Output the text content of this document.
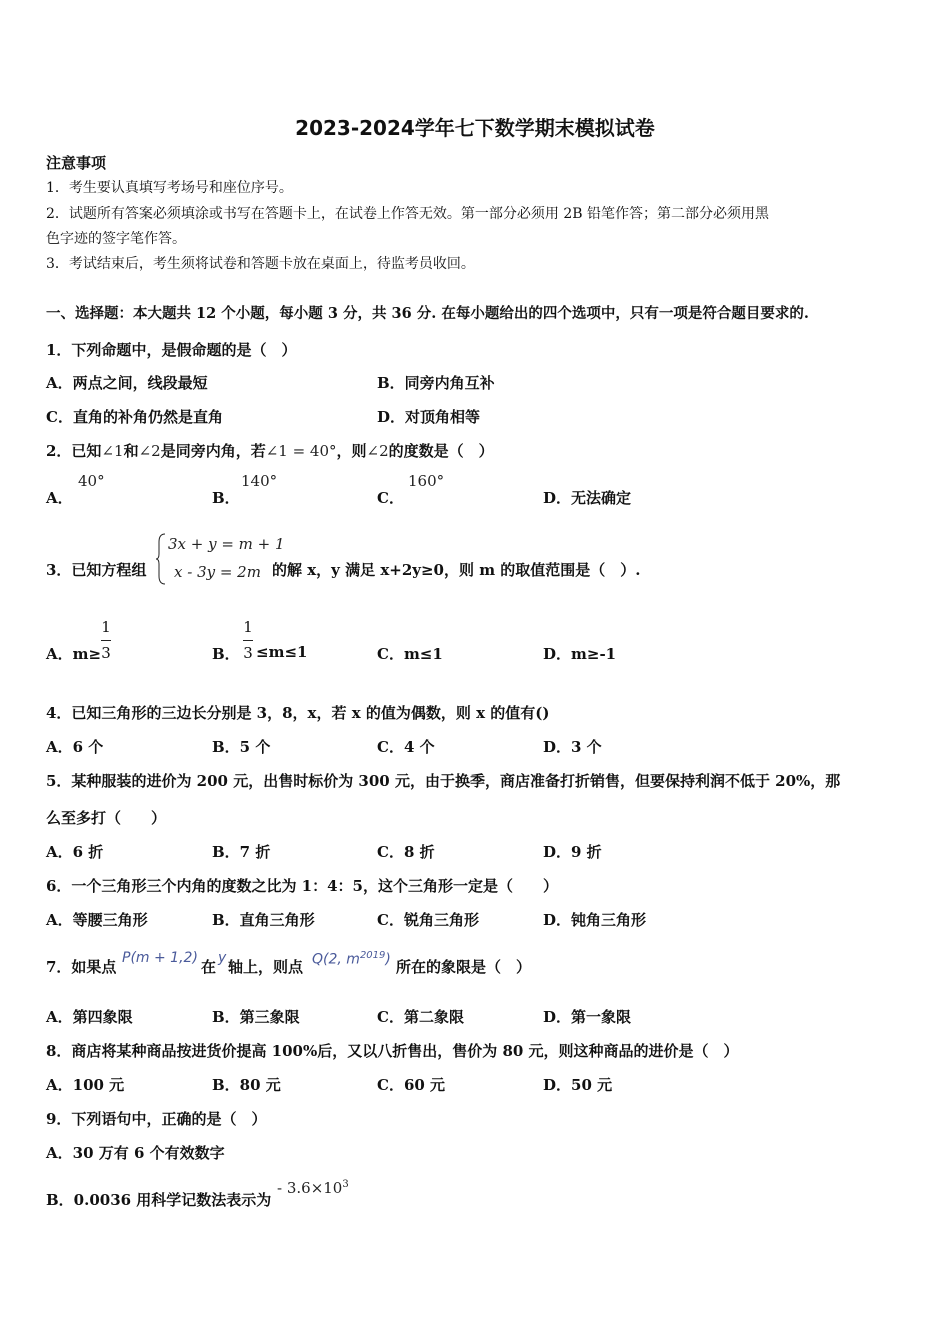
2023-2024学年七下数学期末模拟试卷
注意事项
1．考生要认真填写考场号和座位序号。
2．试题所有答案必须填涂或书写在答题卡上，在试卷上作答无效。第一部分必须用 2B 铅笔作答；第二部分必须用黑
色字迹的签字笔作答。
3．考试结束后，考生须将试卷和答题卡放在桌面上，待监考员收回。
一、选择题：本大题共 12 个小题，每小题 3 分，共 36 分. 在每小题给出的四个选项中，只有一项是符合题目要求的.
1．下列命题中，是假命题的是（　）
A．两点之间，线段最短	B．同旁内角互补
C．直角的补角仍然是直角	D．对顶角相等
2．已知∠1和∠2是同旁内角，若∠1 = 40°，则∠2的度数是（　）
A．
40°
B．
140°
C．
160°
D．无法确定
3．已知方程组
3x + y = m + 1
x - 3y = 2m 的解 x，y 满足 x+2y≥0，则 m 的取值范围是（　）.
A．m≥
1
3	B．
1
3 ≤m≤1	C．m≤1	D．m≥-1
4．已知三角形的三边长分别是 3，8，x，若 x 的值为偶数，则 x 的值有()
A．6 个	B．5 个	C．4 个	D．3 个
5．某种服装的进价为 200 元，出售时标价为 300 元，由于换季，商店准备打折销售，但要保持利润不低于 20%，那
么至多打（　　）
A．6 折	B．7 折	C．8 折	D．9 折
6．一个三角形三个内角的度数之比为 1：4：5，这个三角形一定是（　　）
A．等腰三角形	B．直角三角形	C．锐角三角形	D．钝角三角形
7．如果点 P(m + 1,2) 在 y 轴上，则点 Q(2, $m^{2019}$) 所在的象限是（　）
A．第四象限	B．第三象限	C．第二象限	D．第一象限
8．商店将某种商品按进货价提高 100%后，又以八折售出，售价为 80 元，则这种商品的进价是（　）
A．100 元	B．80 元	C．60 元	D．50 元
9．下列语句中，正确的是（　）
A．30 万有 6 个有效数字
B．0.0036 用科学记数法表示为
- $3.6\times 10^3$
